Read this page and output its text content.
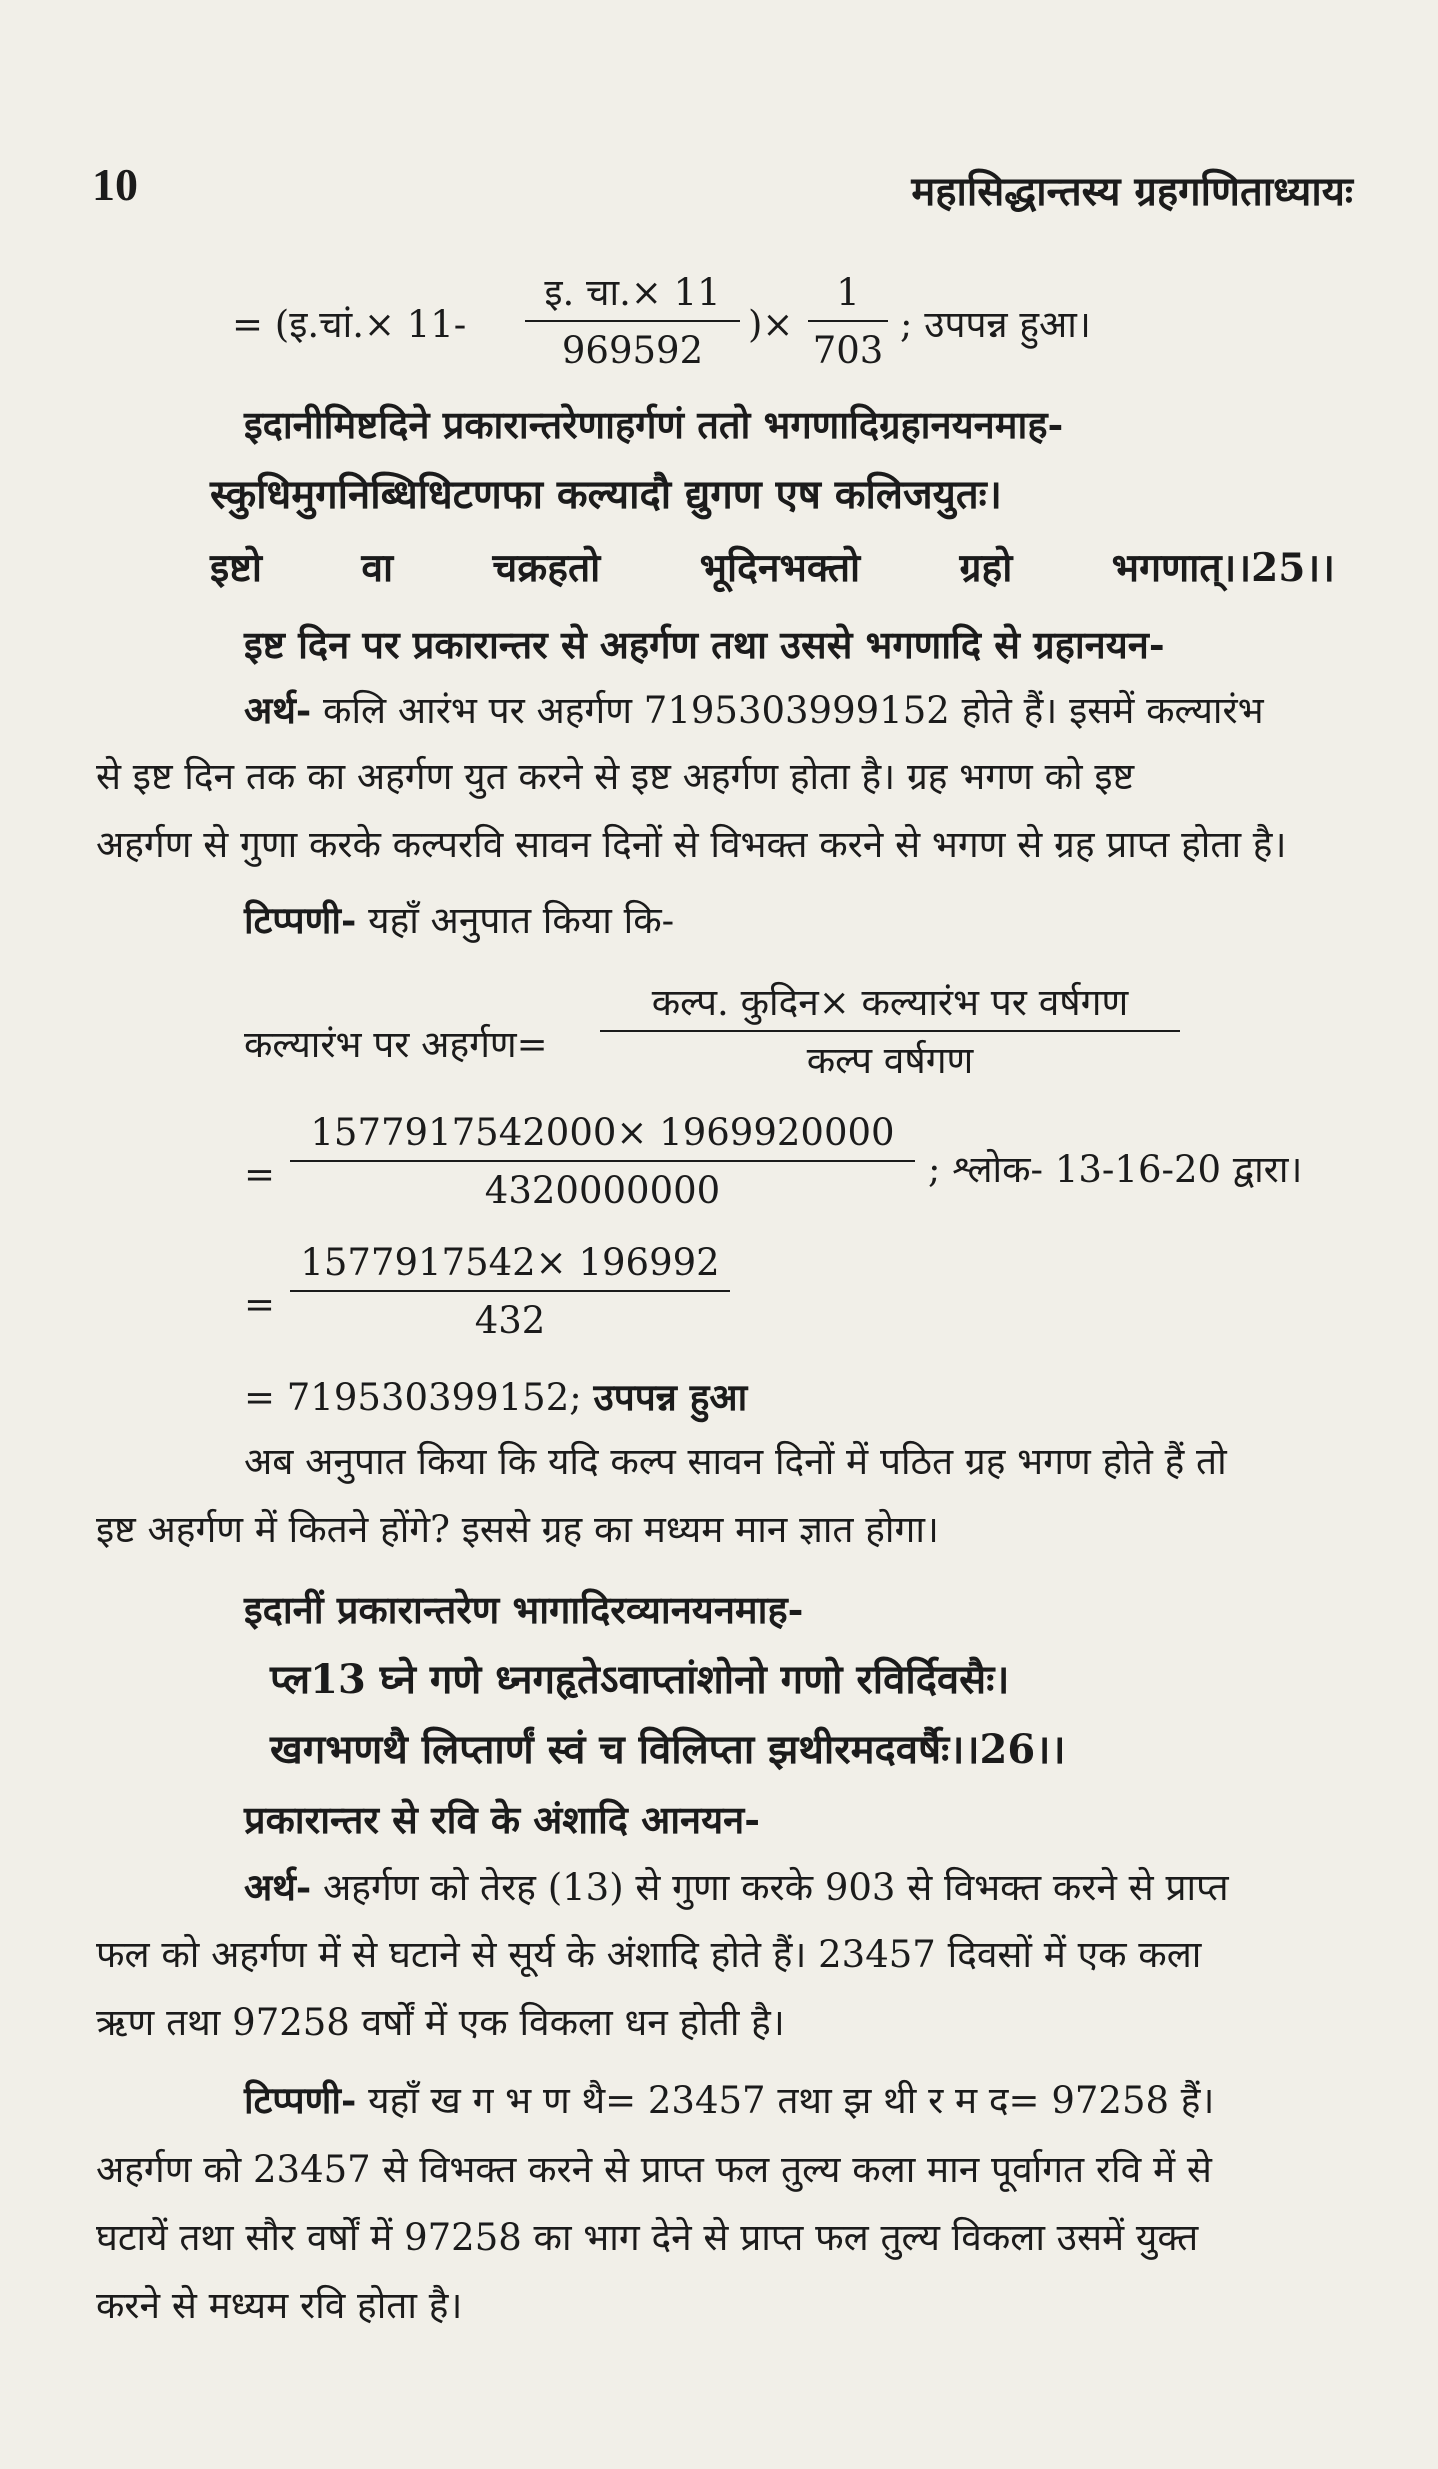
10	महासिद्धान्तस्य ग्रहगणिताध्यायः
= (इ.चां.× 11-
इ. चा.× 11
969592
)× $\frac{1}{703}$ ; उपपन्न हुआ।
इदानीमिष्टदिने प्रकारान्तरेणाहर्गणं ततो भगणादिग्रहानयनमाह-
स्कुधिमुगनिब्धिधिटणफा कल्यादौ द्युगण एष कलिजयुतः।
इष्टो	वा	चक्रहतो	भूदिनभक्तो	ग्रहो	भगणात्।।25।।
इष्ट दिन पर प्रकारान्तर से अहर्गण तथा उससे भगणादि से ग्रहानयन-
अर्थ- कलि आरंभ पर अहर्गण 7195303999152 होते हैं। इसमें कल्यारंभ
से इष्ट दिन तक का अहर्गण युत करने से इष्ट अहर्गण होता है। ग्रह भगण को इष्ट
अहर्गण से गुणा करके कल्परवि सावन दिनों से विभक्त करने से भगण से ग्रह प्राप्त होता है।
टिप्पणी- यहाँ अनुपात किया कि-
कल्यारंभ पर अहर्गण=
कल्प. कुदिन× कल्यारंभ पर वर्षगण
कल्प वर्षगण
= $\frac{1577917542000\times 1969920000}{4320000000}$ ; श्लोक- 13-16-20 द्वारा।
= $\frac{1577917542\times 196992}{432}$
= 719530399152; उपपन्न हुआ
अब अनुपात किया कि यदि कल्प सावन दिनों में पठित ग्रह भगण होते हैं तो
इष्ट अहर्गण में कितने होंगे? इससे ग्रह का मध्यम मान ज्ञात होगा।
इदानीं प्रकारान्तरेण भागादिरव्यानयनमाह-
प्ल13 घ्ने गणे ध्नगहृतेऽवाप्तांशोनो गणो रविर्दिवसैः।
खगभणथै लिप्तार्णं स्वं च विलिप्ता झथीरमदवर्षैः।।26।।
प्रकारान्तर से रवि के अंशादि आनयन-
अर्थ- अहर्गण को तेरह (13) से गुणा करके 903 से विभक्त करने से प्राप्त
फल को अहर्गण में से घटाने से सूर्य के अंशादि होते हैं। 23457 दिवसों में एक कला
ऋण तथा 97258 वर्षों में एक विकला धन होती है।
टिप्पणी- यहाँ ख ग भ ण थै= 23457 तथा झ थी र म द= 97258 हैं।
अहर्गण को 23457 से विभक्त करने से प्राप्त फल तुल्य कला मान पूर्वागत रवि में से
घटायें तथा सौर वर्षों में 97258 का भाग देने से प्राप्त फल तुल्य विकला उसमें युक्त
करने से मध्यम रवि होता है।
